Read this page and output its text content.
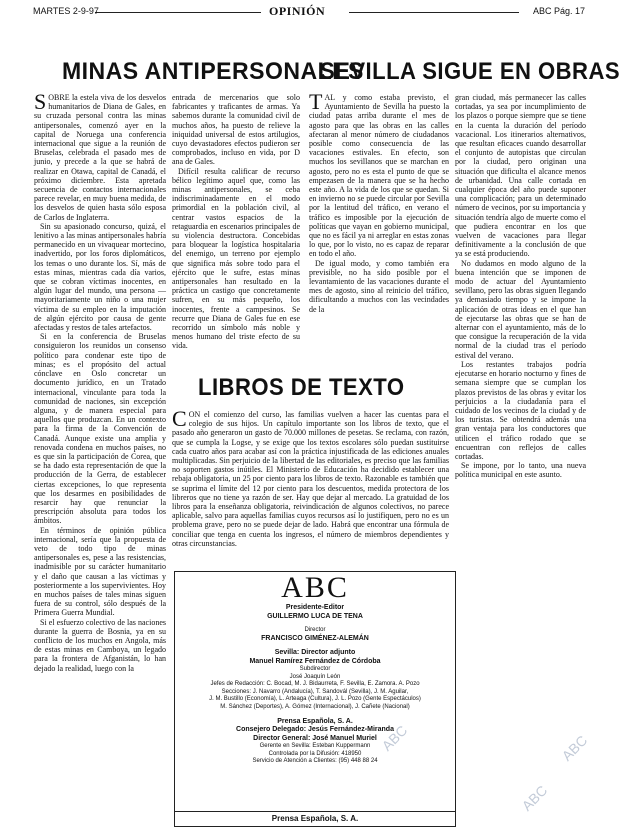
MARTES 2-9-97	OPINIÓN	ABC Pág. 17
MINAS ANTIPERSONALES
SEVILLA SIGUE EN OBRAS
S OBRE la estela viva de los desvelos humanitarios de Diana de Gales, en su cruzada personal contra las minas antipersonales, comenzó ayer en la capital de Noruega una conferencia internacional que sigue a la reunión de Bruselas, celebrada el pasado mes de junio, y precede a la que se habrá de realizar en Otawa, capital de Canadá, el próximo diciembre. Esta apretada secuencia de contactos internacionales parece revelar, en muy buena medida, de los desvelos de quien hasta sólo esposa de Carlos de Inglaterra.

Sin su apasionado concurso, quizá, el lenitivo a las minas antipersonales habría permanecido en un vivaquear mortecino, inadvertido, por los foros diplomáticos, los temas o uno durante los. Sí, más de estas minas, mientras cada día varios, que se cobran víctimas inocentes, en algún lugar del mundo, una persona —mayoritariamente un niño o una mujer víctima de su empleo en la imputación de algún ejército por causa de gente afectadas y restos de tales artefactos.

Si en la conferencia de Bruselas consiguieron los reunidos un consenso político para condenar este tipo de minas; es el propósito del actual cónclave en Oslo concretar un documento jurídico, en un Tratado internacional, vinculante para toda la comunidad de naciones, sin excepción alguna, y de manera especial para aquellos que produzcan. En un contexto para la firma de la Convención de Canadá. Aunque existe una amplia y renovada condena en muchos países, no es que sin la participación de Corea, que se ha dado esta representación de que la producción de la Gerra, de establecer ciertas excepciones, lo que representa que los desarmes en posibilidades de resarcir hay que renunciar la prescripción absoluta para todos los ámbitos.

En términos de opinión pública internacional, sería que la propuesta de veto de todo tipo de minas antipersonales es, pese a las resistencias, inadmisible por su carácter humanitario y el daño que causan a las víctimas y posteriormente a los supervivientes. Hoy en muchos países de tales minas siguen fuera de su control, sólo después de la Primera Guerra Mundial.

Si el esfuerzo colectivo de las naciones durante la guerra de Bosnia, ya en su conflicto de los muchos en Angola, más de estas minas en Camboya, un legado para la frontera de Afganistán, lo han dejado la realidad, luego con la

entrada de mercenarios que solo fabricantes y traficantes de armas. Ya sabemos durante la comunidad civil de muchos años, ha puesto de relieve la iniquidad universal de estos artilugios, cuyo devastadores efectos pudieron ser comprobados, incluso en vida, por D ana de Gales.

Difícil resulta calificar de recurso bélico legítimo aquel que, como las minas antipersonales, se ceba indiscriminadamente en el modo primordial en la población civil, al centrar vastos espacios de la retaguardia en escenarios principales de su violencia destructora. Concebidas para bloquear la logística hospitalaria del enemigo, un terreno por ejemplo que significa más sobre todo para el ejército que le sufre, estas minas antipersonales han resultado en la práctica un castigo que concretamente sufren, en su más pequeño, los inocentes, frente a campesinos. Se recurre que Diana de Gales fue en ese recorrido un símbolo más noble y menos humano del triste efecto de su vida.

T AL y como estaba previsto, el Ayuntamiento de Sevilla ha puesto la ciudad patas arriba durante el mes de agosto para que las obras en las calles afectaran al menor número de ciudadanos posible como consecuencia de las vacaciones estivales. En efecto, son muchos los sevillanos que se marchan en agosto, pero no es esta el punto de que se empezasen de la manera que se ha hecho este año. A la vida de los que se quedan. Si en invierno no se puede circular por Sevilla por la lentitud del tráfico, en verano el tráfico es imposible por la ejecución de políticas que vayan en gobierno municipal, que no es fácil ya ni arreglar en estas zonas lo que, por lo visto, no es capaz de reparar en todo el año.

De igual modo, y como también era previsible, no ha sido posible por el levantamiento de las vacaciones durante el mes de agosto, sino al reinicio del tráfico, dificultando a muchos con las vecindades de la

gran ciudad, más permanecer las calles cortadas, ya sea por incumplimiento de los plazos o porque siempre que se tiene en la cuenta la duración del período vacacional. Los itinerarios alternativos, que resultan eficaces cuando desarrollar el conjunto de autopistas que circulan por la ciudad, pero originan una situación que dificulta el alcance menos de urbanidad. Una calle cortada en cualquier época del año puede suponer una complicación; para un determinado número de vecinos, por su importancia y situación tendría algo de muerte como el que pudiera encontrar en los que vuelven de vacaciones para llegar definitivamente a la conclusión de que ya se está produciendo.

No dudamos en modo alguno de la buena intención que se imponen de modo de actuar del Ayuntamiento sevillano, pero las obras siguen llegando ya demasiado tiempo y se impone la aplicación de otras ideas en el que han de ejecutarse las obras que se han de alternar con el ayuntamiento, más de lo que consigue la recuperación de la vida normal de la ciudad tras el período estival del verano.

Los restantes trabajos podría ejecutarse en horario nocturno y fines de semana siempre que se cumplan los plazos previstos de las obras y evitar los perjuicios a la ciudadanía para el cuidado de los vecinos de la ciudad y de los turistas. Se obtendrá además una gran ventaja para los conductores que utilicen el tráfico rodado que se encuentran con reflejos de calles cortadas.

Se impone, por lo tanto, una nueva política municipal en este asunto.

LIBROS DE TEXTO
C ON el comienzo del curso, las familias vuelven a hacer las cuentas para el colegio de sus hijos. Un capítulo importante son los libros de texto, que el pasado año generaron un gasto de 70.000 millones de pesetas. Se reclama, con razón, que se cumpla la Logse, y se exige que los textos escolares sólo puedan sustituirse cada cuatro años para acabar así con la práctica injustificada de las ediciones anuales multiplicadas. Sin perjuicio de la libertad de las editoriales, es preciso que las familias no soporten gastos inútiles. El Ministerio de Educación ha decidido establecer una rebaja obligatoria, un 25 por ciento para los libros de texto. Razonable es también que se suprima el límite del 12 por ciento para los descuentos, medida protectora de los libreros que no tiene ya razón de ser. Hay que dejar al mercado. La gratuidad de los libros para la enseñanza obligatoria, reivindicación de algunos colectivos, no parece aplicable, salvo para aquellas familias cuyos recursos así lo justifiquen, pero no es un problema grave, pero no se puede dejar de lado. Habrá que encontrar una fórmula de conciliar que tenga en cuenta los ingresos, el número de miembros dependientes y otras circunstancias.

ABC
Presidente-Editor
GUILLERMO LUCA DE TENA
Director
FRANCISCO GIMÉNEZ-ALEMÁN
Sevilla: Director adjunto
Manuel Ramírez Fernández de Córdoba
Subdirector
José Joaquín León
Jefes de Redacción: C. Bocad, M. J. Bidaurreta, F. Sevilla, E. Zamora. A. Pozo
Secciones: J. Navarro (Andalucía), T. Sandovál (Sevilla), J. M. Aguilar,
J. M. Bustillo (Economía), L. Arteaga (Cultura), J. L. Pozo (Gente Espectáculos)
M. Sánchez (Deportes), A. Gómez (Internacional), J. Cañete (Nacional)
Prensa Española, S. A.
Consejero Delegado: Jesús Fernández-Miranda
Director General: José Manuel Muriel
Gerente en Sevilla: Esteban Kuppermann
Controlada por la Difusión: 418950
Servicio de Atención a Clientes: (95) 448 88 24
Prensa Española, S. A.
ABC
ABC
ABC
